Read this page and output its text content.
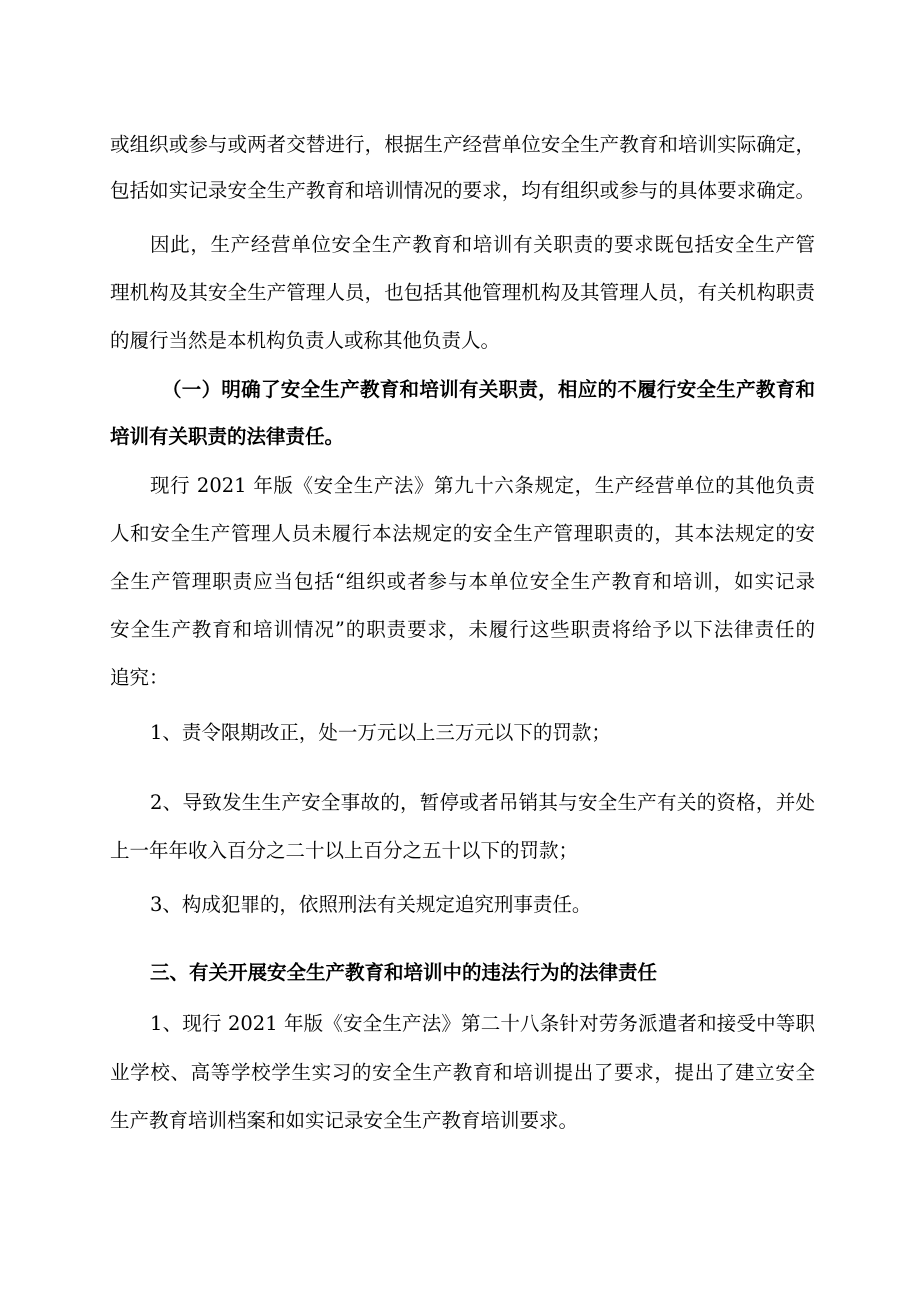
或组织或参与或两者交替进行，根据生产经营单位安全生产教育和培训实际确定，
包括如实记录安全生产教育和培训情况的要求，均有组织或参与的具体要求确定。
因此，生产经营单位安全生产教育和培训有关职责的要求既包括安全生产管
理机构及其安全生产管理人员，也包括其他管理机构及其管理人员，有关机构职责
的履行当然是本机构负责人或称其他负责人。
（一）明确了安全生产教育和培训有关职责，相应的不履行安全生产教育和
培训有关职责的法律责任。
现行 2021 年版《安全生产法》第九十六条规定，生产经营单位的其他负责
人和安全生产管理人员未履行本法规定的安全生产管理职责的，其本法规定的安
全生产管理职责应当包括“组织或者参与本单位安全生产教育和培训，如实记录
安全生产教育和培训情况”的职责要求，未履行这些职责将给予以下法律责任的
追究：
1、责令限期改正，处一万元以上三万元以下的罚款；
2、导致发生生产安全事故的，暂停或者吊销其与安全生产有关的资格，并处
上一年年收入百分之二十以上百分之五十以下的罚款；
3、构成犯罪的，依照刑法有关规定追究刑事责任。
三、有关开展安全生产教育和培训中的违法行为的法律责任
1、现行 2021 年版《安全生产法》第二十八条针对劳务派遣者和接受中等职
业学校、高等学校学生实习的安全生产教育和培训提出了要求，提出了建立安全
生产教育培训档案和如实记录安全生产教育培训要求。
